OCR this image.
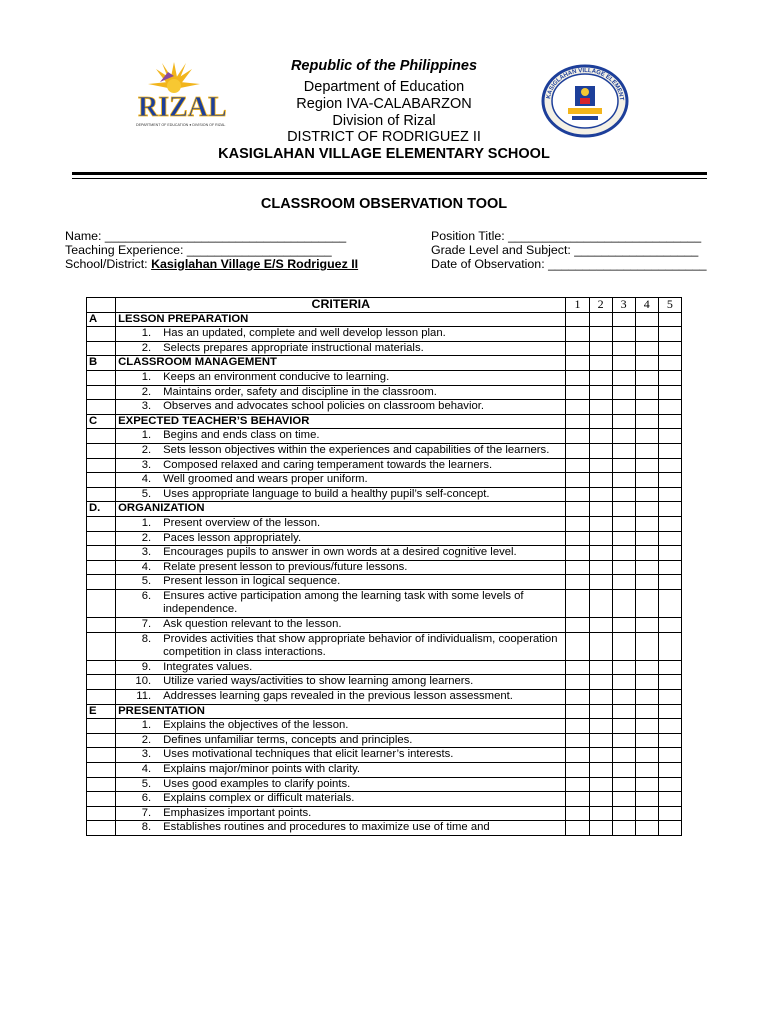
RIZAL
DEPARTMENT OF EDUCATION ● DIVISION OF RIZAL
KASIGLAHAN VILLAGE ELEMENT
Republic of the Philippines
Department of Education
Region IVA-CALABARZON
Division of Rizal
DISTRICT OF RODRIGUEZ II
KASIGLAHAN VILLAGE ELEMENTARY SCHOOL
CLASSROOM OBSERVATION TOOL
Name: ___________________________________
Teaching Experience: _____________________
School/District: Kasiglahan Village E/S Rodriguez II
Position Title: ____________________________
Grade Level and Subject: __________________
Date of Observation: _______________________
	CRITERIA	1	2	3	4	5
A	LESSON PREPARATION					

	1. Has an updated, complete and well develop lesson plan.					

	2. Selects prepares appropriate instructional materials.					

B	CLASSROOM MANAGEMENT					

	1. Keeps an environment conducive to learning.					

	2. Maintains order, safety and discipline in the classroom.					

	3. Observes and advocates school policies on classroom behavior.					

C	EXPECTED TEACHER’S BEHAVIOR					

	1. Begins and ends class on time.					

	2. Sets lesson objectives within the experiences and capabilities of the learners.					

	3. Composed relaxed and caring temperament towards the learners.					

	4. Well groomed and wears proper uniform.					

	5. Uses appropriate language to build a healthy pupil’s self-concept.					

D.	ORGANIZATION					

	1. Present overview of the lesson.					

	2. Paces lesson appropriately.					

	3. Encourages pupils to answer in own words at a desired cognitive level.					

	4. Relate present lesson to previous/future lessons.					

	5. Present lesson in logical sequence.					

	6. Ensures active participation among the learning task with some levels of independence.					

	7. Ask question relevant to the lesson.					

	8. Provides activities that show appropriate behavior of individualism, cooperation competition in class interactions.					

	9. Integrates values.					

	10. Utilize varied ways/activities to show learning among learners.					

	11. Addresses learning gaps revealed in the previous lesson assessment.					

E	PRESENTATION					

	1. Explains the objectives of the lesson.					

	2. Defines unfamiliar terms, concepts and principles.					

	3. Uses motivational techniques that elicit learner’s interests.					

	4. Explains major/minor points with clarity.					

	5. Uses good examples to clarify points.					

	6. Explains complex or difficult materials.					

	7. Emphasizes important points.					

	8. Establishes routines and procedures to maximize use of time and					
